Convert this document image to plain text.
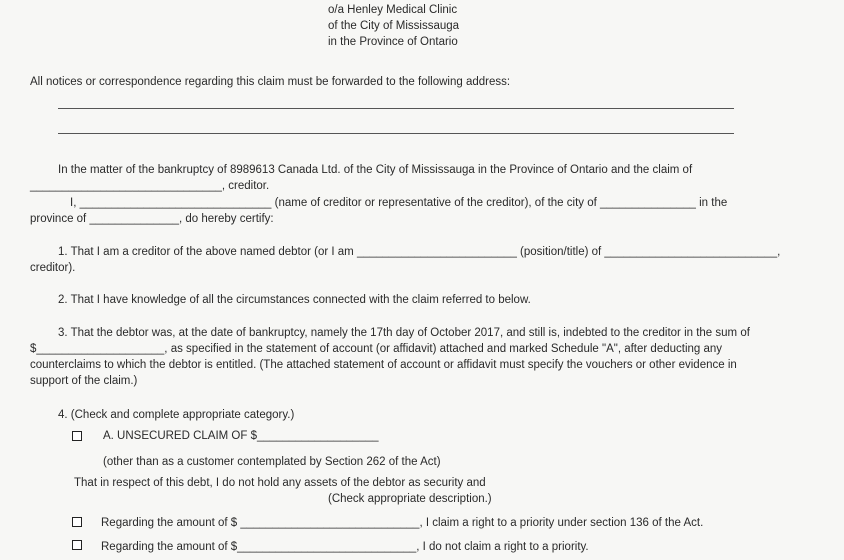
o/a Henley Medical Clinic
of the City of Mississauga
in the Province of Ontario
All notices or correspondence regarding this claim must be forwarded to the following address:
In the matter of the bankruptcy of 8989613 Canada Ltd. of the City of Mississauga in the Province of Ontario and the claim of
______________________________, creditor.
I, ______________________________ (name of creditor or representative of the creditor), of the city of _______________ in the
province of ______________, do hereby certify:
1. That I am a creditor of the above named debtor (or I am _________________________ (position/title) of ___________________________,
creditor).
2. That I have knowledge of all the circumstances connected with the claim referred to below.
3. That the debtor was, at the date of bankruptcy, namely the 17th day of October 2017, and still is, indebted to the creditor in the sum of
$____________________, as specified in the statement of account (or affidavit) attached and marked Schedule "A", after deducting any
counterclaims to which the debtor is entitled. (The attached statement of account or affidavit must specify the vouchers or other evidence in
support of the claim.)
4. (Check and complete appropriate category.)
A. UNSECURED CLAIM OF $___________________
(other than as a customer contemplated by Section 262 of the Act)
That in respect of this debt, I do not hold any assets of the debtor as security and
(Check appropriate description.)
Regarding the amount of $ ____________________________, I claim a right to a priority under section 136 of the Act.
Regarding the amount of $____________________________, I do not claim a right to a priority.
